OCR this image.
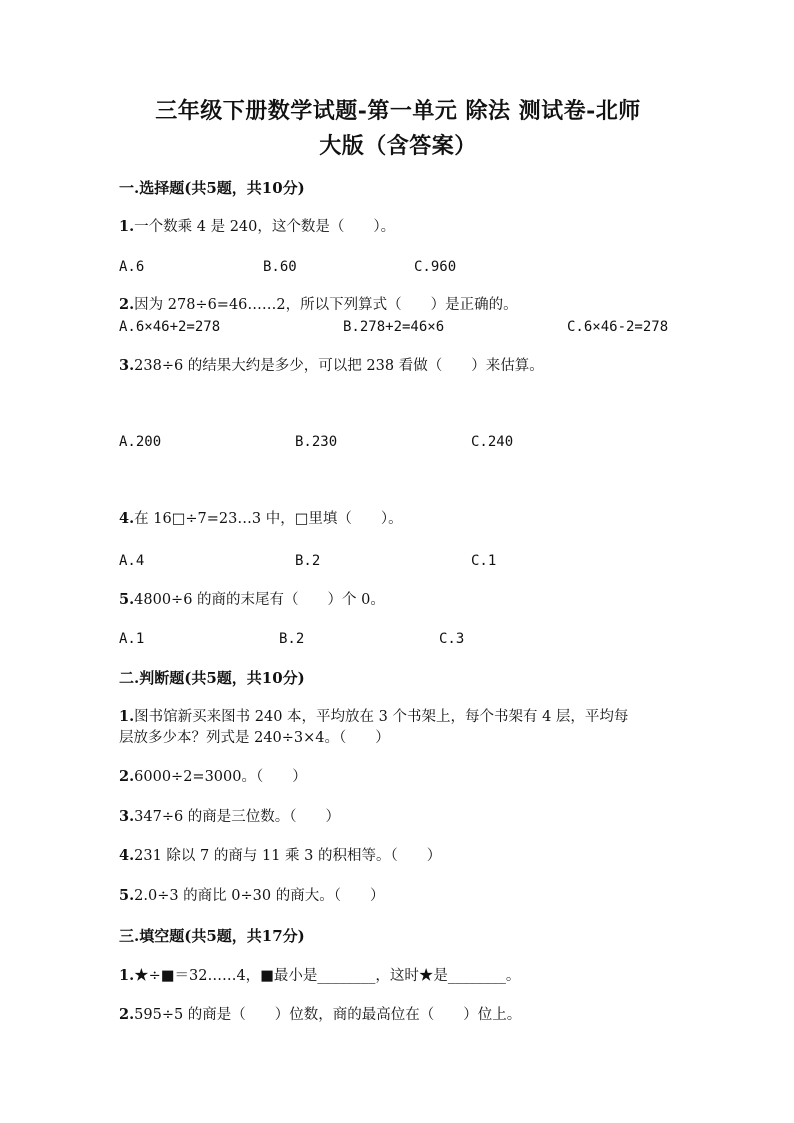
三年级下册数学试题-第一单元 除法 测试卷-北师
大版（含答案）
一.选择题(共5题，共10分)
1.一个数乘 4 是 240，这个数是（　　）。
A.6	B.60	C.960
2.因为 278÷6=46……2，所以下列算式（　　）是正确的。
A.6×46+2=278	B.278+2=46×6	C.6×46-2=278
3.238÷6 的结果大约是多少，可以把 238 看做（　　）来估算。
A.200	B.230	C.240
4.在 16□÷7=23…3 中，□里填（　　）。
A.4	B.2	C.1
5.4800÷6 的商的末尾有（　　）个 0。
A.1	B.2	C.3
二.判断题(共5题，共10分)
1.图书馆新买来图书 240 本，平均放在 3 个书架上，每个书架有 4 层，平均每
层放多少本？列式是 240÷3×4。（　　）
2.6000÷2=3000。（　　）
3.347÷6 的商是三位数。（　　）
4.231 除以 7 的商与 11 乘 3 的积相等。（　　）
5.2.0÷3 的商比 0÷30 的商大。（　　）
三.填空题(共5题，共17分)
1.★÷■＝32……4，■最小是________，这时★是________。
2.595÷5 的商是（　　）位数，商的最高位在（　　）位上。
